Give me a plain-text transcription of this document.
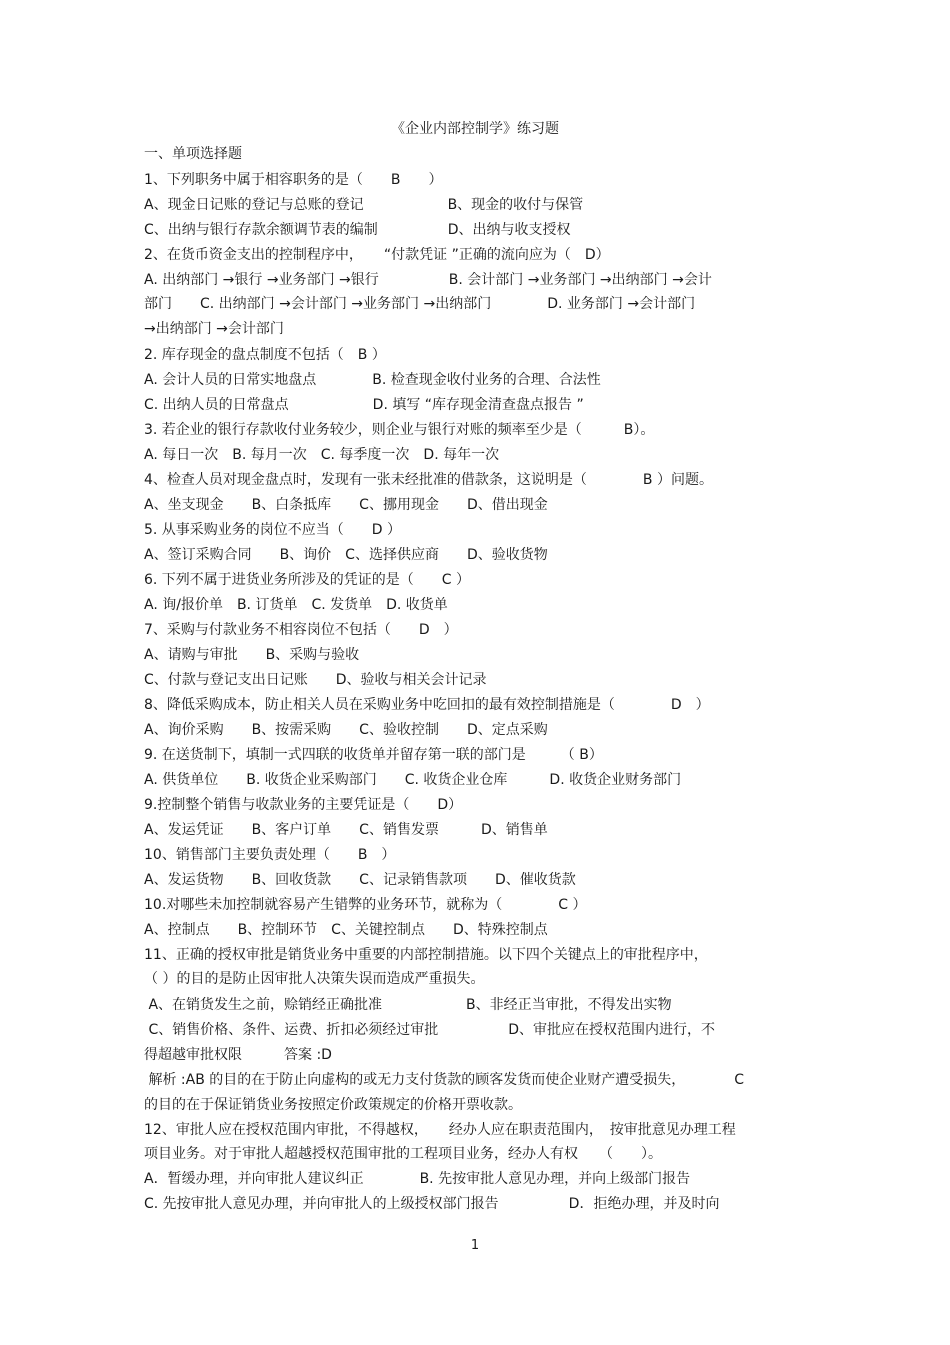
《企业内部控制学》练习题
一、单项选择题
1、下列职务中属于相容职务的是（　　B　　）
A、现金日记账的登记与总账的登记　　　　　　B、现金的收付与保管
C、出纳与银行存款余额调节表的编制　　　　　D、出纳与收支授权
2、在货币资金支出的控制程序中，　　“付款凭证 ”正确的流向应为（　D）
A. 出纳部门 →银行 →业务部门 →银行　　　　　B. 会计部门 →业务部门 →出纳部门 →会计
部门　　C. 出纳部门 →会计部门 →业务部门 →出纳部门　　　　D. 业务部门 →会计部门
→出纳部门 →会计部门
2. 库存现金的盘点制度不包括（　B ）
A. 会计人员的日常实地盘点　　　　B. 检查现金收付业务的合理、合法性
C. 出纳人员的日常盘点　　　　　　D. 填写 “库存现金清查盘点报告 ”
3. 若企业的银行存款收付业务较少，则企业与银行对账的频率至少是（　　　B）。
A. 每日一次　B. 每月一次　C. 每季度一次　D. 每年一次
4、检查人员对现金盘点时，发现有一张未经批准的借款条，这说明是（　　　　B ）问题。
A、坐支现金　　B、白条抵库　　C、挪用现金　　D、借出现金
5. 从事采购业务的岗位不应当（　　D ）
A、签订采购合同　　B、询价　C、选择供应商　　D、验收货物
6. 下列不属于进货业务所涉及的凭证的是（　　C ）
A. 询/报价单　B. 订货单　C. 发货单　D. 收货单
7、采购与付款业务不相容岗位不包括（　　D　）
A、请购与审批　　B、采购与验收
C、付款与登记支出日记账　　D、验收与相关会计记录
8、降低采购成本，防止相关人员在采购业务中吃回扣的最有效控制措施是（　　　　D　）
A、询价采购　　B、按需采购　　C、验收控制　　D、定点采购
9. 在送货制下，填制一式四联的收货单并留存第一联的部门是　　　（ B）
A. 供货单位　　B. 收货企业采购部门　　C. 收货企业仓库　　　D. 收货企业财务部门
9.控制整个销售与收款业务的主要凭证是（　　D）
A、发运凭证　　B、客户订单　　C、销售发票　　　D、销售单
10、销售部门主要负责处理（　　B　）
A、发运货物　　B、回收货款　　C、记录销售款项　　D、催收货款
10.对哪些未加控制就容易产生错弊的业务环节，就称为（　　　　C ）
A、控制点　　B、控制环节　C、关键控制点　　D、特殊控制点
11、正确的授权审批是销货业务中重要的内部控制措施。以下四个关键点上的审批程序中，
（ ）的目的是防止因审批人决策失误而造成严重损失。
A、在销货发生之前，赊销经正确批准　　　　　　B、非经正当审批，不得发出实物
C、销售价格、条件、运费、折扣必须经过审批　　　　　D、审批应在授权范围内进行，不
得超越审批权限　　　答案 :D
解析 :AB 的目的在于防止向虚构的或无力支付货款的顾客发货而使企业财产遭受损失，　　　　C
的目的在于保证销货业务按照定价政策规定的价格开票收款。
12、审批人应在授权范围内审批，不得越权，　　经办人应在职责范围内，　按审批意见办理工程
项目业务。对于审批人超越授权范围审批的工程项目业务，经办人有权　　（　　）。
A．暂缓办理，并向审批人建议纠正　　　　B. 先按审批人意见办理，并向上级部门报告
C. 先按审批人意见办理，并向审批人的上级授权部门报告　　　　　D．拒绝办理，并及时向
1
